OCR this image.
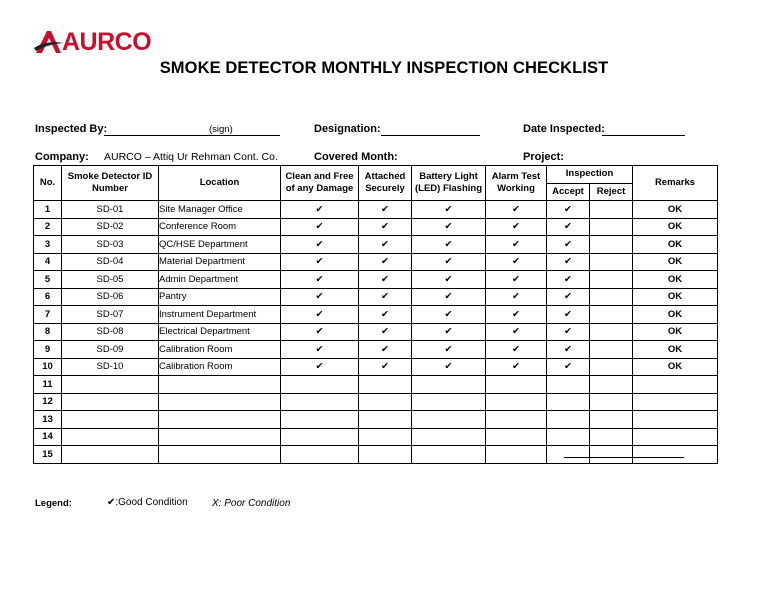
AURCO
SMOKE DETECTOR MONTHLY INSPECTION CHECKLIST
Inspected By:	(sign)	Designation:	Date Inspected:
Company: AURCO – Attiq Ur Rehman Cont. Co.	Covered Month:	Project:
No.	Smoke Detector ID Number	Location	Clean and Free of any Damage	Attached Securely	Battery Light (LED) Flashing	Alarm Test Working	Inspection		Remarks
							Accept	Reject	
1	SD-01	Site Manager Office	✔	✔	✔	✔	✔		OK
2	SD-02	Conference Room	✔	✔	✔	✔	✔		OK
3	SD-03	QC/HSE Department	✔	✔	✔	✔	✔		OK
4	SD-04	Material Department	✔	✔	✔	✔	✔		OK
5	SD-05	Admin Department	✔	✔	✔	✔	✔		OK
6	SD-06	Pantry	✔	✔	✔	✔	✔		OK
7	SD-07	Instrument Department	✔	✔	✔	✔	✔		OK
8	SD-08	Electrical Department	✔	✔	✔	✔	✔		OK
9	SD-09	Calibration Room	✔	✔	✔	✔	✔		OK
10	SD-10	Calibration Room	✔	✔	✔	✔	✔		OK
11									
12									
13									
14									
15									
Legend:	✔:Good Condition X: Poor Condition
